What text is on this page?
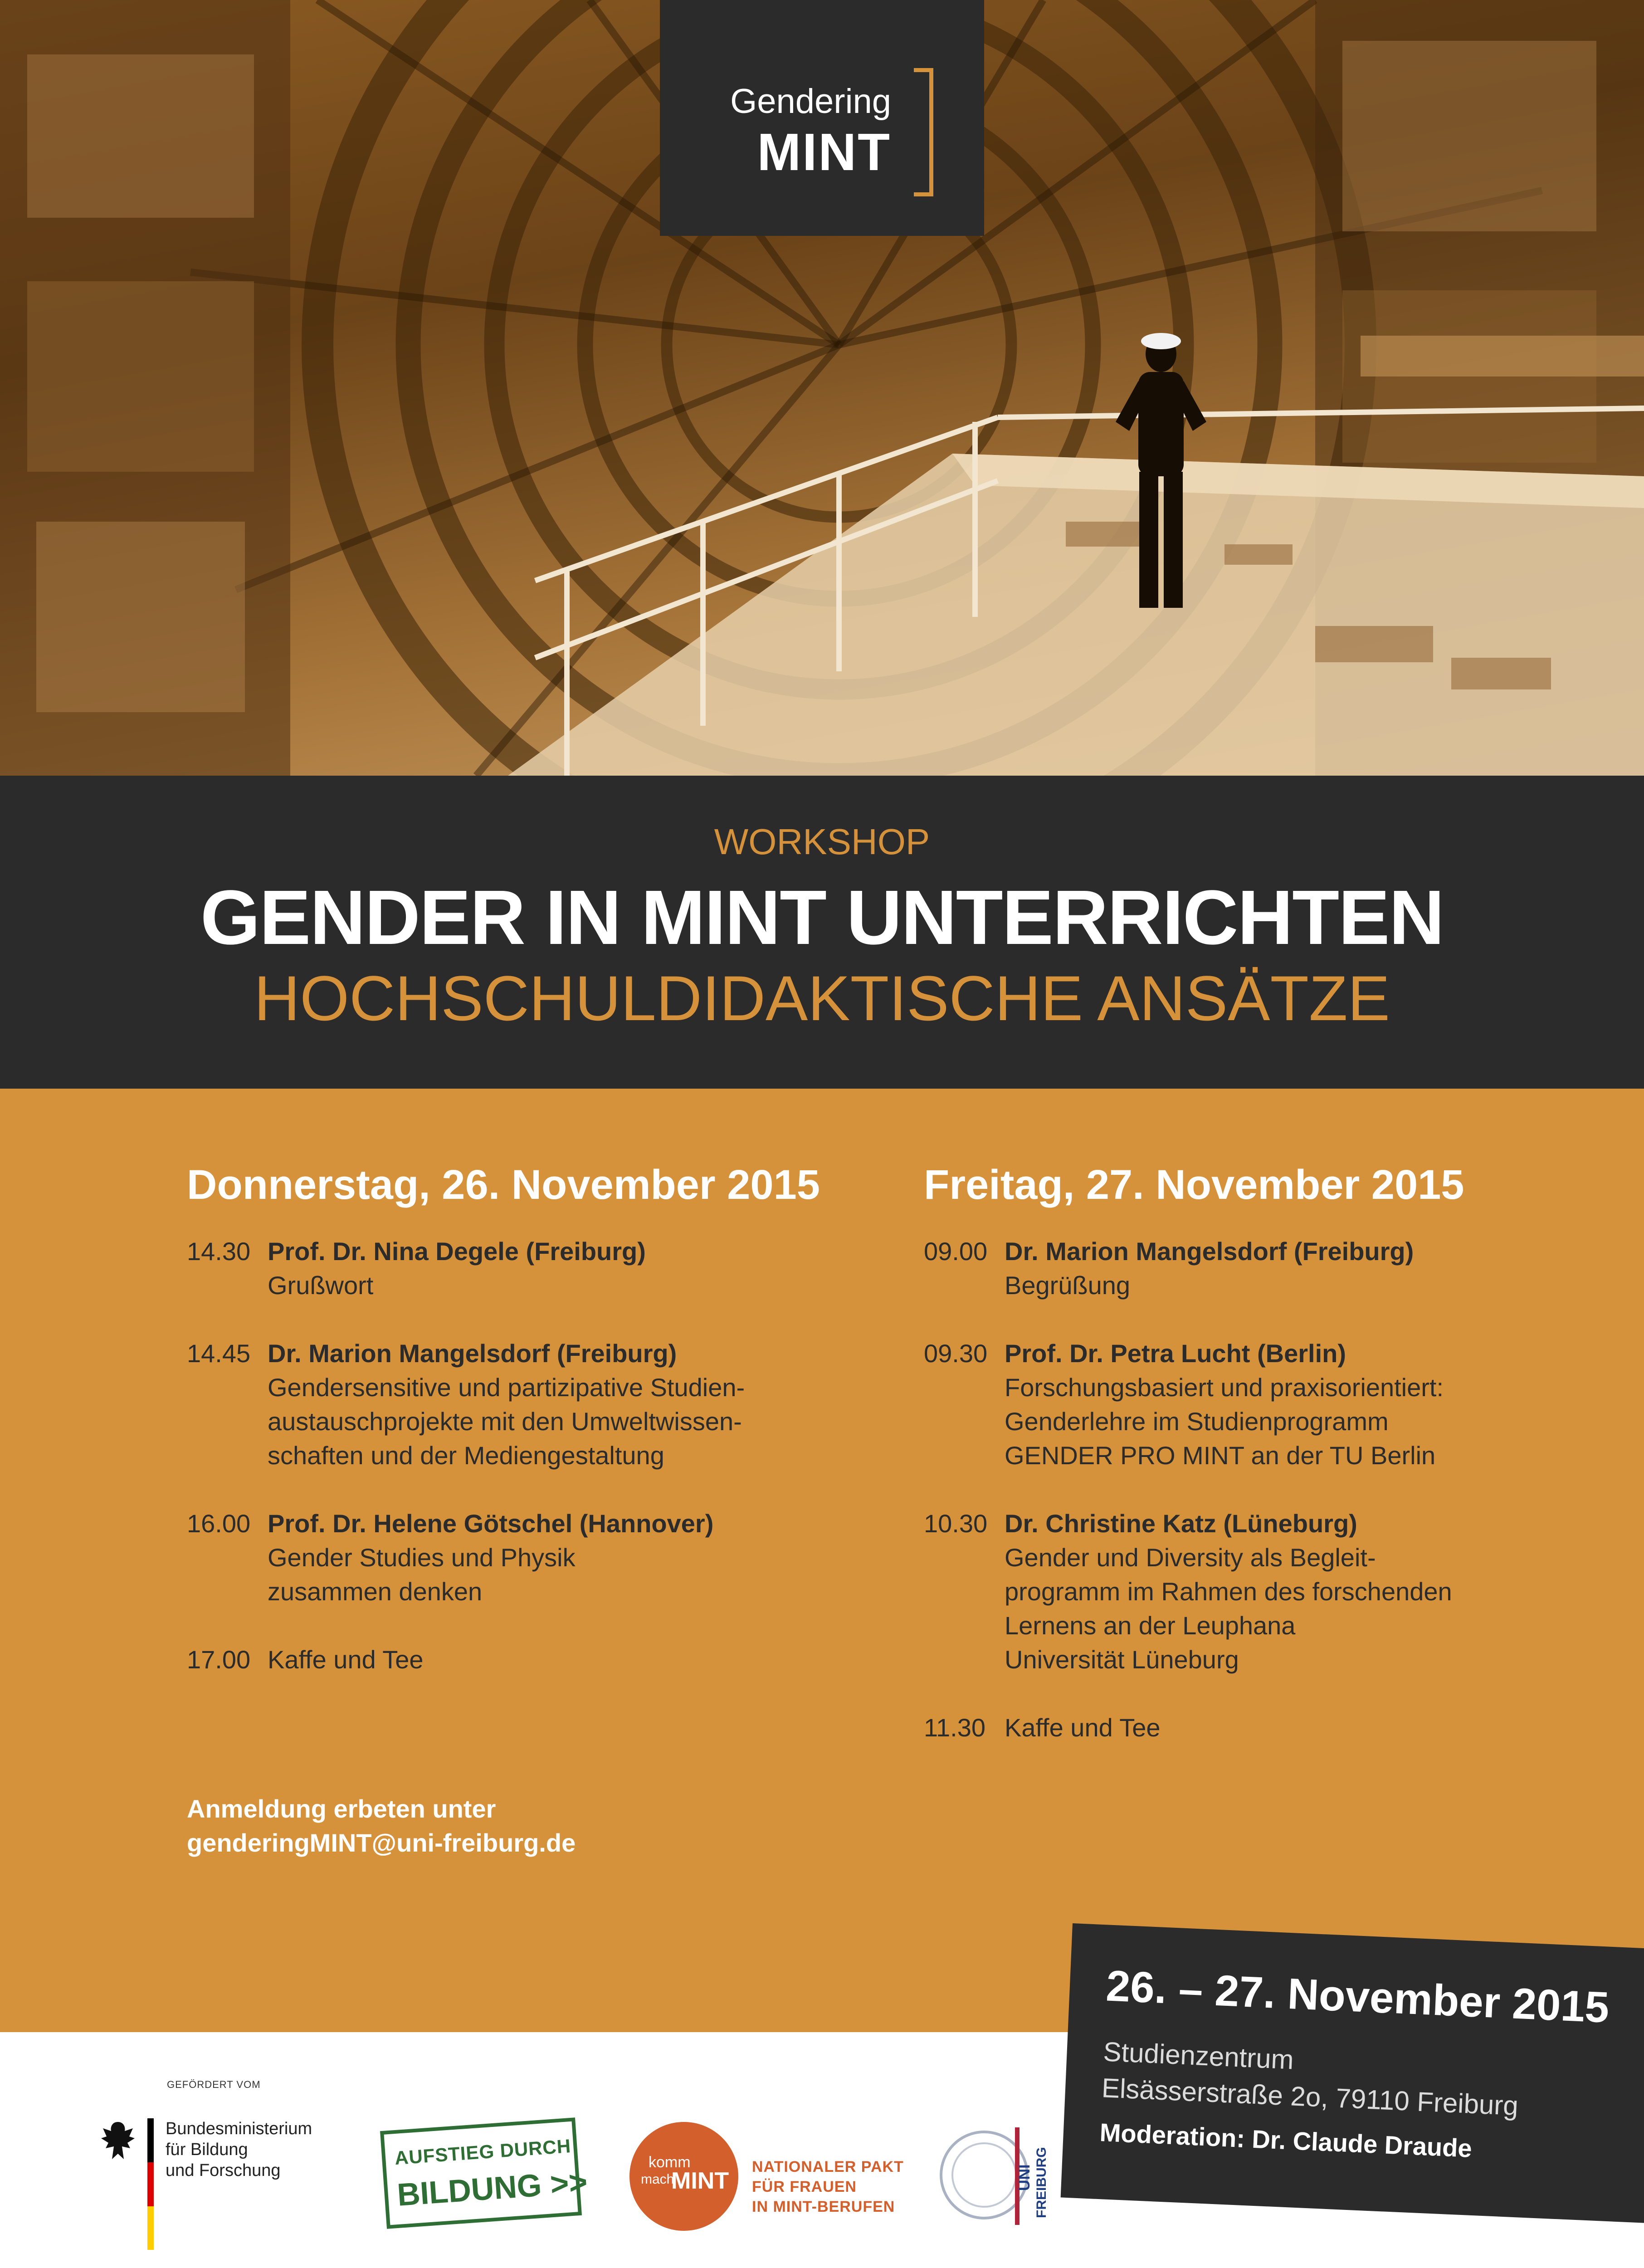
Gendering
MINT
WORKSHOP
GENDER IN MINT UNTERRICHTEN
HOCHSCHULDIDAKTISCHE ANSÄTZE
Donnerstag, 26. November 2015
14.30 Prof. Dr. Nina Degele (Freiburg)
Grußwort
14.45 Dr. Marion Mangelsdorf (Freiburg)
Gendersensitive und partizipative Studien-
austauschprojekte mit den Umweltwissen-
schaften und der Mediengestaltung
16.00 Prof. Dr. Helene Götschel (Hannover)
Gender Studies und Physik
zusammen denken
17.00 Kaffe und Tee
Freitag, 27. November 2015
09.00 Dr. Marion Mangelsdorf (Freiburg)
Begrüßung
09.30 Prof. Dr. Petra Lucht (Berlin)
Forschungsbasiert und praxisorientiert:
Genderlehre im Studienprogramm
GENDER PRO MINT an der TU Berlin
10.30 Dr. Christine Katz (Lüneburg)
Gender und Diversity als Begleit-
programm im Rahmen des forschenden
Lernens an der Leuphana
Universität Lüneburg
11.30 Kaffe und Tee
Anmeldung erbeten unter
genderingMINT@uni-freiburg.de
GEFÖRDERT VOM
Bundesministerium
für Bildung
und Forschung
AUFSTIEG DURCH
BILDUNG >>
komm
mach
MINT
NATIONALER PAKT
FÜR FRAUEN
IN MINT-BERUFEN
UNI FREIBURG
26. – 27. November 2015
Studienzentrum
Elsässerstraße 2o, 79110 Freiburg
Moderation: Dr. Claude Draude
